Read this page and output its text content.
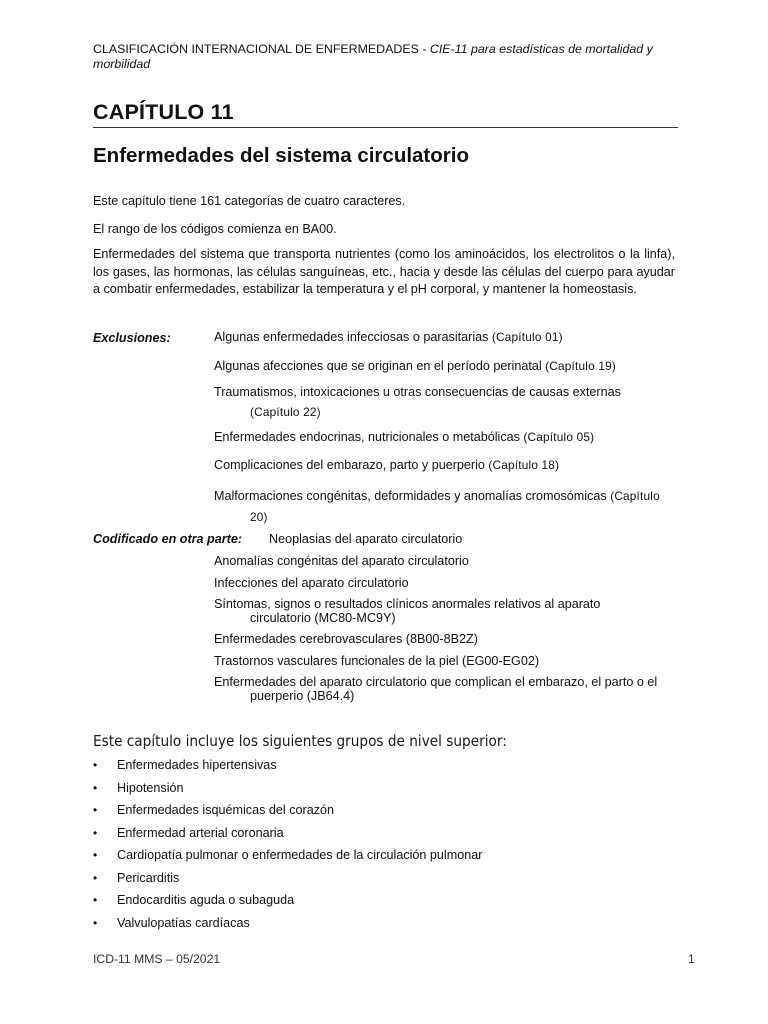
CLASIFICACIÓN INTERNACIONAL DE ENFERMEDADES - CIE-11 para estadísticas de mortalidad y morbilidad
CAPÍTULO 11
Enfermedades del sistema circulatorio
Este capítulo tiene 161 categorías de cuatro caracteres.
El rango de los códigos comienza en BA00.
Enfermedades del sistema que transporta nutrientes (como los aminoácidos, los electrolitos o la linfa), los gases, las hormonas, las células sanguíneas, etc., hacia y desde las células del cuerpo para ayudar a combatir enfermedades, estabilizar la temperatura y el pH corporal, y mantener la homeostasis.
Exclusiones:	Algunas enfermedades infecciosas o parasitarias (Capítulo 01)
Algunas afecciones que se originan en el período perinatal (Capítulo 19)
Traumatismos, intoxicaciones u otras consecuencias de causas externas
(Capítulo 22)
Enfermedades endocrinas, nutricionales o metabólicas (Capítulo 05)
Complicaciones del embarazo, parto y puerperio (Capítulo 18)
Malformaciones congénitas, deformidades y anomalías cromosómicas (Capítulo
20)
Codificado en otra parte: Neoplasias del aparato circulatorio
Anomalías congénitas del aparato circulatorio
Infecciones del aparato circulatorio
Síntomas, signos o resultados clínicos anormales relativos al aparato
circulatorio (MC80-MC9Y)
Enfermedades cerebrovasculares (8B00-8B2Z)
Trastornos vasculares funcionales de la piel (EG00-EG02)
Enfermedades del aparato circulatorio que complican el embarazo, el parto o el
puerperio (JB64.4)
Este capítulo incluye los siguientes grupos de nivel superior:
• Enfermedades hipertensivas
• Hipotensión
• Enfermedades isquémicas del corazón
• Enfermedad arterial coronaria
• Cardiopatía pulmonar o enfermedades de la circulación pulmonar
• Pericarditis
• Endocarditis aguda o subaguda
• Valvulopatías cardíacas
ICD-11 MMS – 05/2021	1
